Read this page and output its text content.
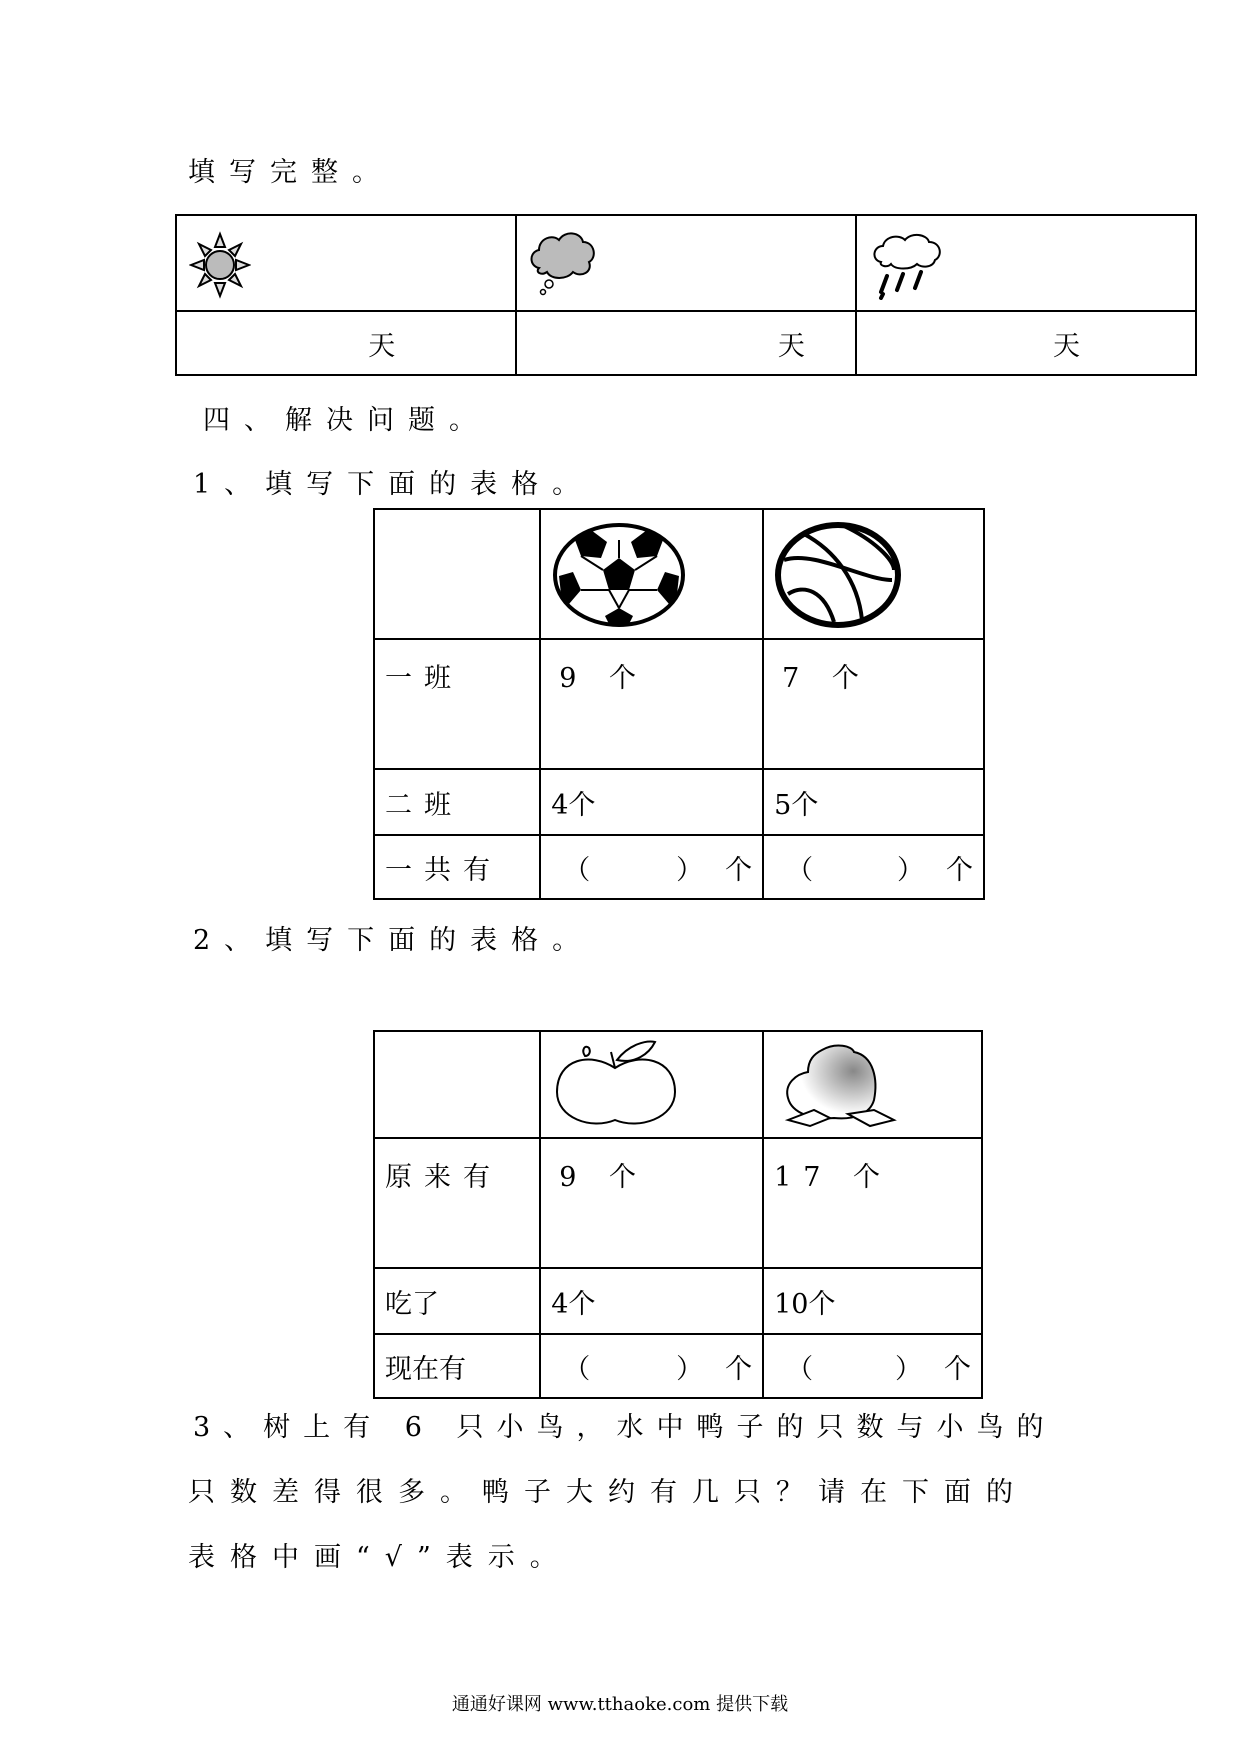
填写完整。

天	天	天
四、解决问题。
1、填写下面的表格。

一班	9 个	7 个

二班	4个	5个

一共有	（ ） 个	（ ） 个
2、填写下面的表格。

原来有	9 个	17 个

吃了	4个	10个

现在有	（ ） 个	（ ） 个
3、树上有 6 只小鸟，水中鸭子的只数与小鸟的
只数差得很多。鸭子大约有几只？请在下面的
表格中画“√”表示。
通通好课网 www.tthaoke.com 提供下载
